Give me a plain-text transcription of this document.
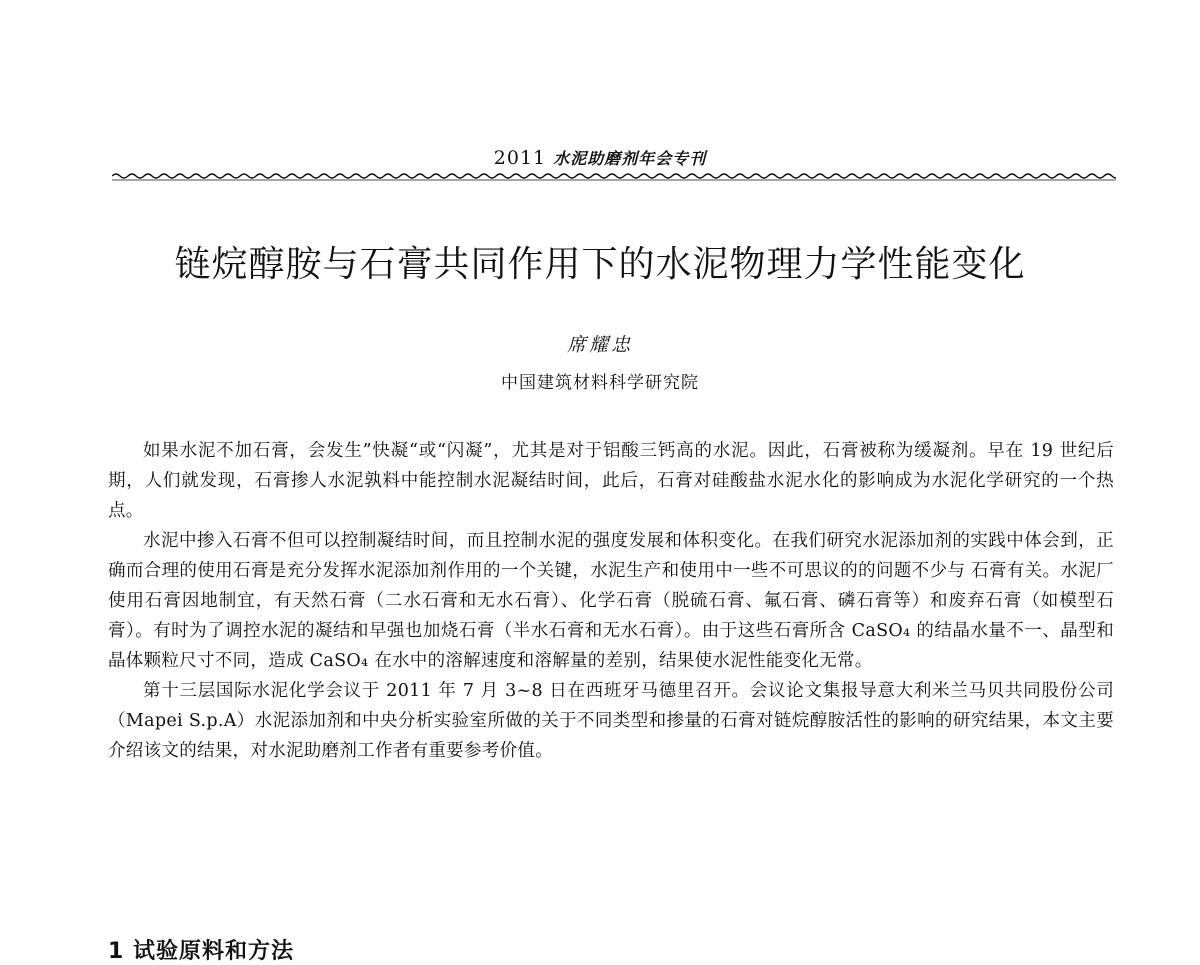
2011 水泥助磨剂年会专刊
链烷醇胺与石膏共同作用下的水泥物理力学性能变化
席耀忠
中国建筑材料科学研究院

如果水泥不加石膏，会发生”快凝“或“闪凝”，尤其是对于铝酸三钙高的水泥。因此，石膏被称为缓凝剂。早在 19 世纪后期，人们就发现，石膏掺人水泥孰料中能控制水泥凝结时间，此后，石膏对硅酸盐水泥水化的影响成为水泥化学研究的一个热点。

水泥中掺入石膏不但可以控制凝结时间，而且控制水泥的强度发展和体积变化。在我们研究水泥添加剂的实践中体会到，正确而合理的使用石膏是充分发挥水泥添加剂作用的一个关键，水泥生产和使用中一些不可思议的的问题不少与 石膏有关。水泥厂使用石膏因地制宜，有天然石膏（二水石膏和无水石膏）、化学石膏（脱硫石膏、氟石膏、磷石膏等）和废弃石膏（如模型石膏）。有时为了调控水泥的凝结和早强也加烧石膏（半水石膏和无水石膏）。由于这些石膏所含 CaSO₄ 的结晶水量不一、晶型和晶体颗粒尺寸不同，造成 CaSO₄ 在水中的溶解速度和溶解量的差别，结果使水泥性能变化无常。

第十三层国际水泥化学会议于 2011 年 7 月 3~8 日在西班牙马德里召开。会议论文集报导意大利米兰马贝共同股份公司（Mapei S.p.A）水泥添加剂和中央分析实验室所做的关于不同类型和掺量的石膏对链烷醇胺活性的影响的研究结果，本文主要介绍该文的结果，对水泥助磨剂工作者有重要参考价值。

1 试验原料和方法
